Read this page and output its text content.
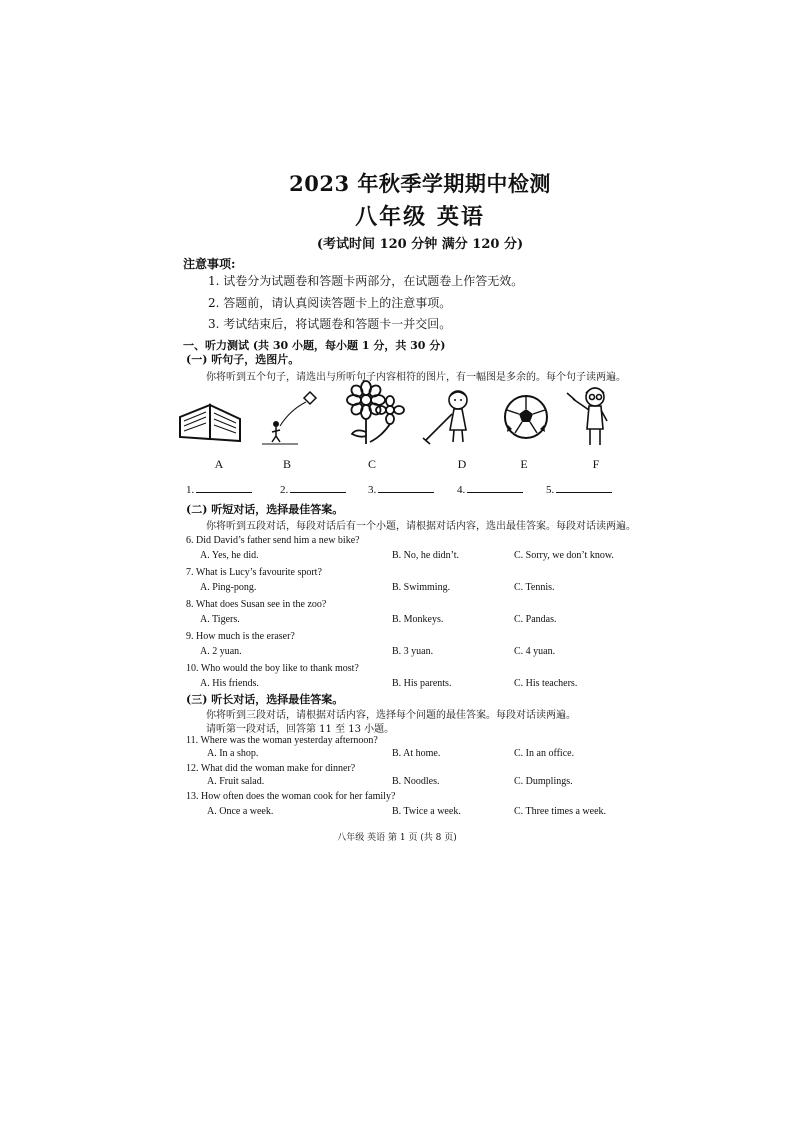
2023 年秋季学期期中检测
八年级 英语
(考试时间 120 分钟 满分 120 分)
注意事项:
1. 试卷分为试题卷和答题卡两部分，在试题卷上作答无效。
2. 答题前，请认真阅读答题卡上的注意事项。
3. 考试结束后，将试题卷和答题卡一并交回。
一、听力测试 (共 30 小题，每小题 1 分，共 30 分)
(一) 听句子，选图片。
你将听到五个句子，请选出与所听句子内容相符的图片，有一幅图是多余的。每个句子读两遍。
A	B	C	D	E	F
1.	2.	3.	4.	5.
(二) 听短对话，选择最佳答案。
你将听到五段对话，每段对话后有一个小题，请根据对话内容，选出最佳答案。每段对话读两遍。
6. Did David’s father send him a new bike?
A. Yes, he did.	B. No, he didn’t.	C. Sorry, we don’t know.
7. What is Lucy’s favourite sport?
A. Ping-pong.	B. Swimming.	C. Tennis.
8. What does Susan see in the zoo?
A. Tigers.	B. Monkeys.	C. Pandas.
9. How much is the eraser?
A. 2 yuan.	B. 3 yuan.	C. 4 yuan.
10. Who would the boy like to thank most?
A. His friends.	B. His parents.	C. His teachers.
(三) 听长对话，选择最佳答案。
你将听到三段对话，请根据对话内容，选择每个问题的最佳答案。每段对话读两遍。
请听第一段对话，回答第 11 至 13 小题。
11. Where was the woman yesterday afternoon?
A. In a shop.	B. At home.	C. In an office.
12. What did the woman make for dinner?
A. Fruit salad.	B. Noodles.	C. Dumplings.
13. How often does the woman cook for her family?
A. Once a week.	B. Twice a week.	C. Three times a week.
八年级 英语 第 1 页 (共 8 页)
